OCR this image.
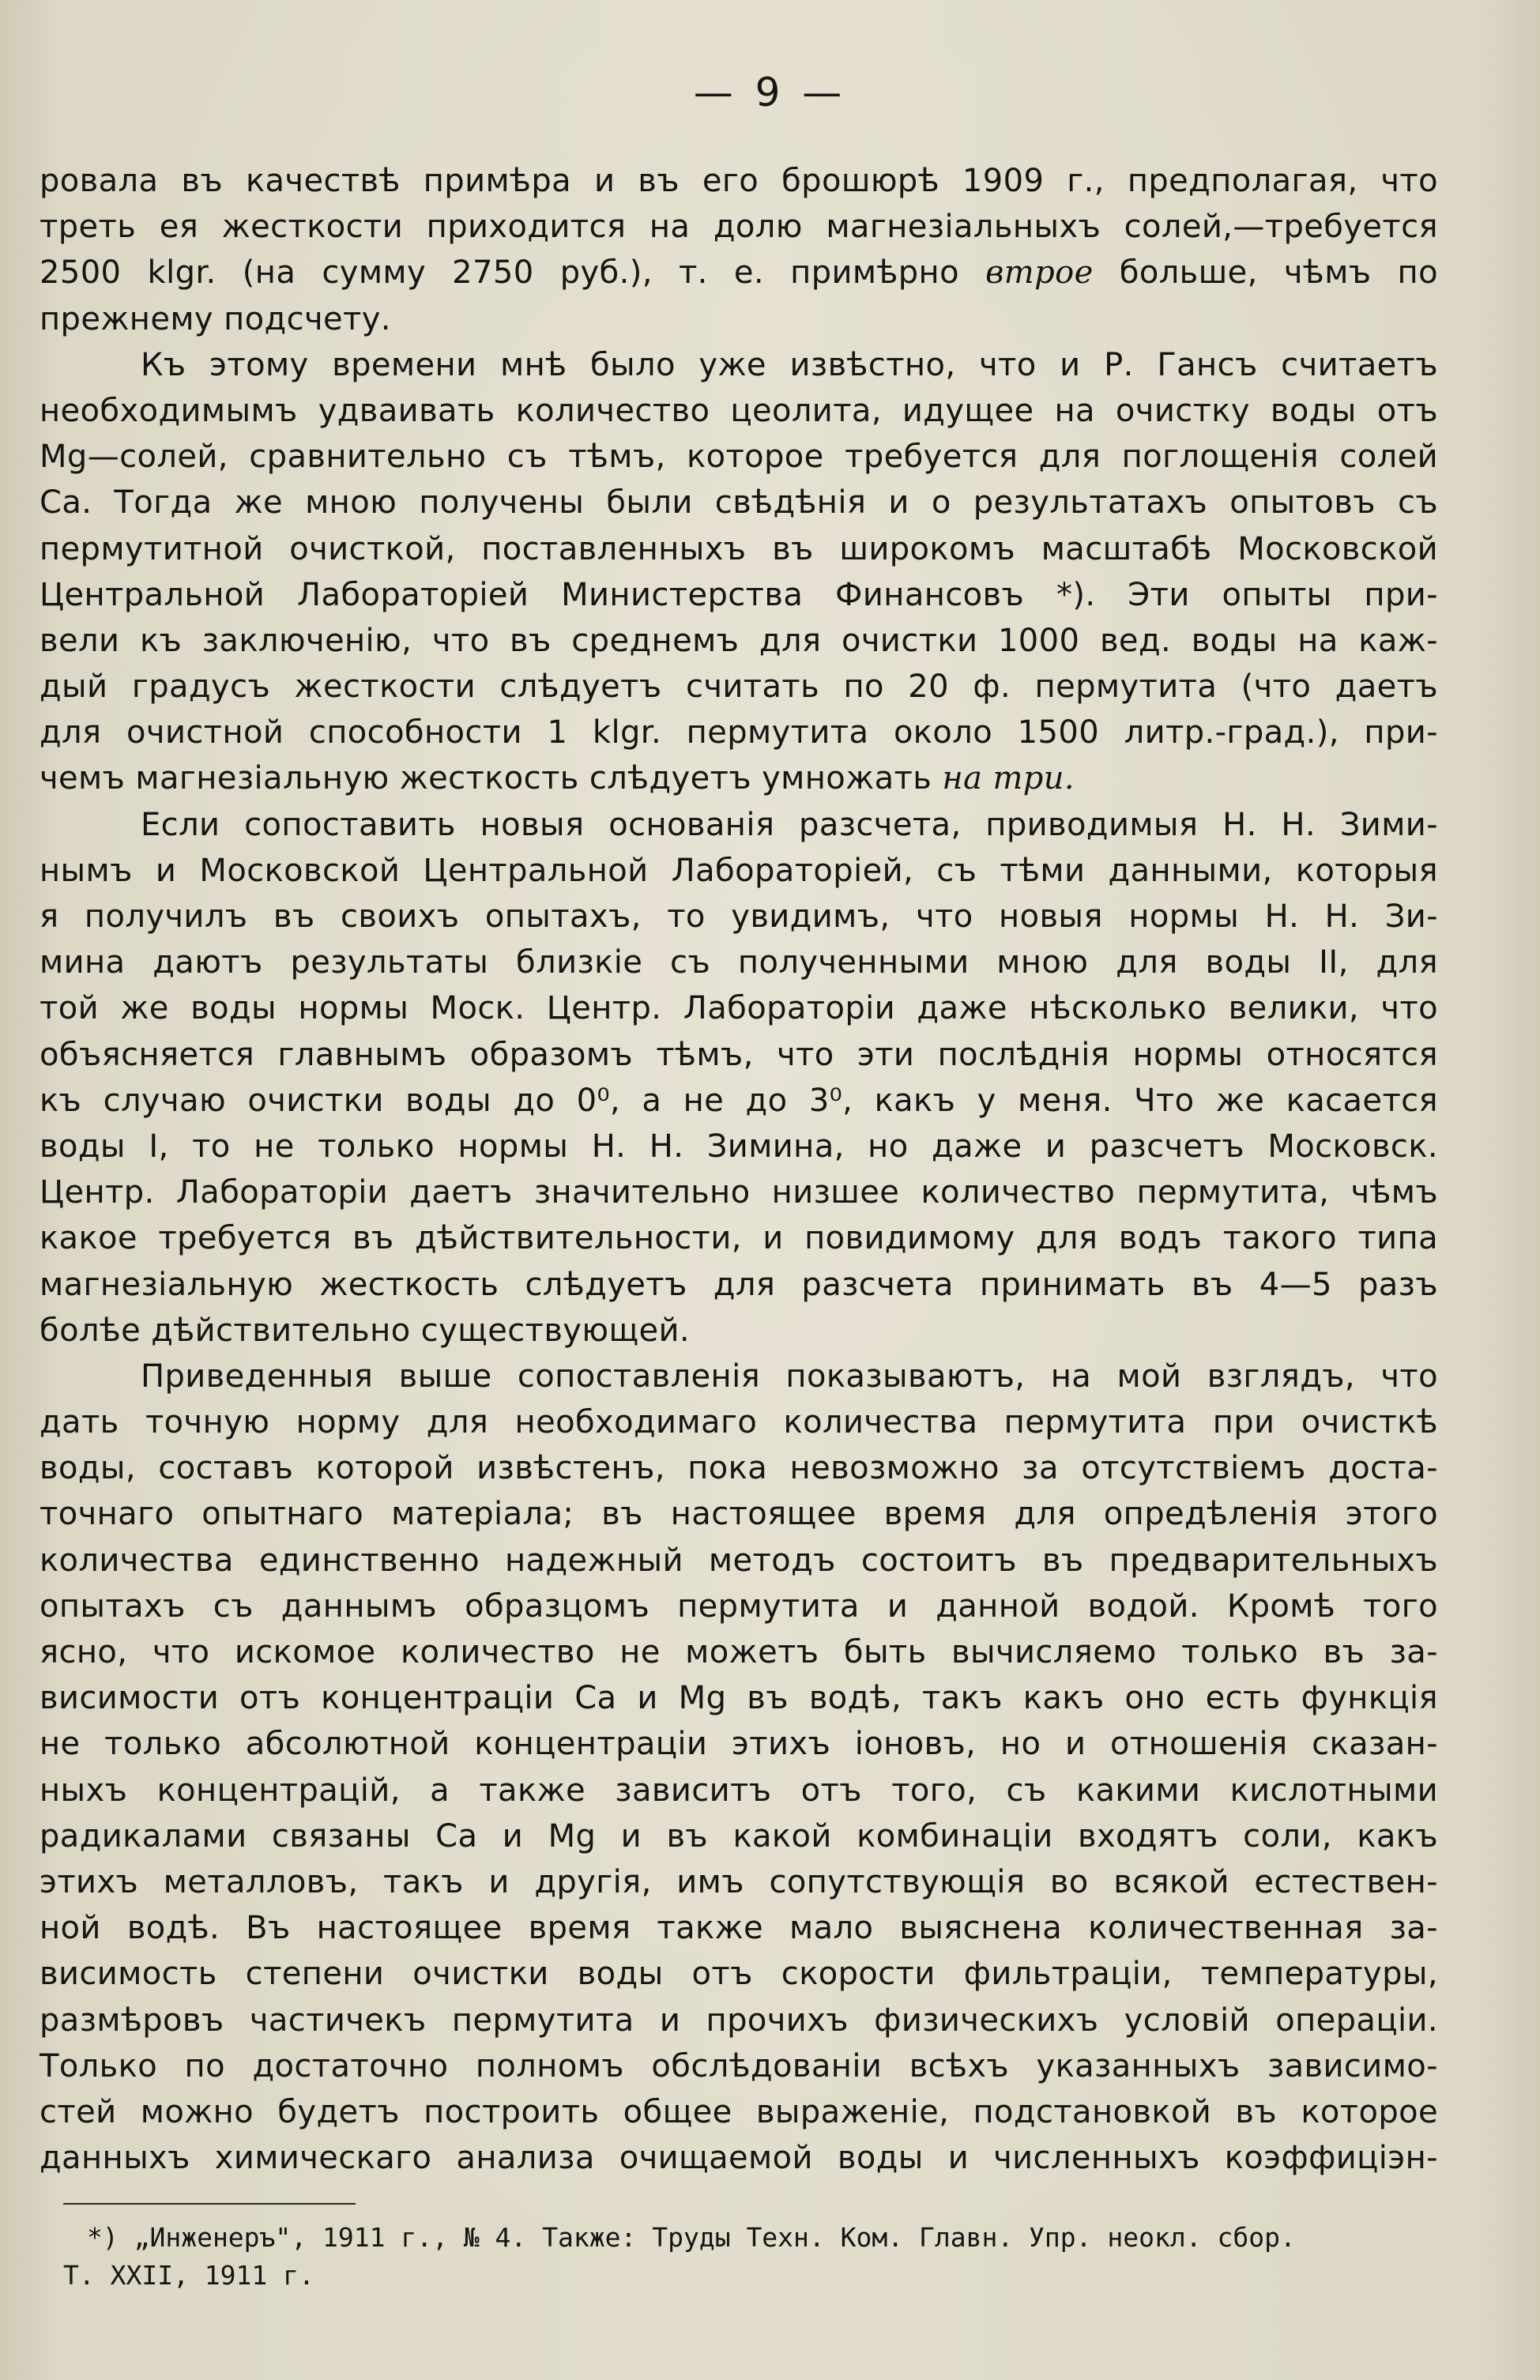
— 9 —
ровала въ качествѣ примѣра и въ его брошюрѣ 1909 г., предполагая, что
треть ея жесткости приходится на долю магнезіальныхъ солей,—требуется
2500 klgr. (на сумму 2750 руб.), т. е. примѣрно втрое больше, чѣмъ по
прежнему подсчету.
Къ этому времени мнѣ было уже извѣстно, что и Р. Гансъ считаетъ
необходимымъ удваивать количество цеолита, идущее на очистку воды отъ
Mg—солей, сравнительно съ тѣмъ, которое требуется для поглощенія солей
Са. Тогда же мною получены были свѣдѣнія и о результатахъ опытовъ съ
пермутитной очисткой, поставленныхъ въ широкомъ масштабѣ Московской
Центральной Лабораторіей Министерства Финансовъ *). Эти опыты при-
вели къ заключенію, что въ среднемъ для очистки 1000 вед. воды на каж-
дый градусъ жесткости слѣдуетъ считать по 20 ф. пермутита (что даетъ
для очистной способности 1 klgr. пермутита около 1500 литр.-град.), при-
чемъ магнезіальную жесткость слѣдуетъ умножать на три.
Если сопоставить новыя основанія разсчета, приводимыя Н. Н. Зими-
нымъ и Московской Центральной Лабораторіей, съ тѣми данными, которыя
я получилъ въ своихъ опытахъ, то увидимъ, что новыя нормы Н. Н. Зи-
мина даютъ результаты близкіе съ полученными мною для воды II, для
той же воды нормы Моск. Центр. Лабораторіи даже нѣсколько велики, что
объясняется главнымъ образомъ тѣмъ, что эти послѣднія нормы относятся
къ случаю очистки воды до 0⁰, а не до 3⁰, какъ у меня. Что же касается
воды I, то не только нормы Н. Н. Зимина, но даже и разсчетъ Московск.
Центр. Лабораторіи даетъ значительно низшее количество пермутита, чѣмъ
какое требуется въ дѣйствительности, и повидимому для водъ такого типа
магнезіальную жесткость слѣдуетъ для разсчета принимать въ 4—5 разъ
болѣе дѣйствительно существующей.
Приведенныя выше сопоставленія показываютъ, на мой взглядъ, что
дать точную норму для необходимаго количества пермутита при очисткѣ
воды, составъ которой извѣстенъ, пока невозможно за отсутствіемъ доста-
точнаго опытнаго матеріала; въ настоящее время для опредѣленія этого
количества единственно надежный методъ состоитъ въ предварительныхъ
опытахъ съ даннымъ образцомъ пермутита и данной водой. Кромѣ того
ясно, что искомое количество не можетъ быть вычисляемо только въ за-
висимости отъ концентраціи Са и Mg въ водѣ, такъ какъ оно есть функція
не только абсолютной концентраціи этихъ іоновъ, но и отношенія сказан-
ныхъ концентрацій, а также зависитъ отъ того, съ какими кислотными
радикалами связаны Са и Mg и въ какой комбинаціи входятъ соли, какъ
этихъ металловъ, такъ и другія, имъ сопутствующія во всякой естествен-
ной водѣ. Въ настоящее время также мало выяснена количественная за-
висимость степени очистки воды отъ скорости фильтраціи, температуры,
размѣровъ частичекъ пермутита и прочихъ физическихъ условій операціи.
Только по достаточно полномъ обслѣдованіи всѣхъ указанныхъ зависимо-
стей можно будетъ построить общее выраженіе, подстановкой въ которое
данныхъ химическаго анализа очищаемой воды и численныхъ коэффиціэн-
*) „Инженеръ", 1911 г., № 4. Также: Труды Техн. Ком. Главн. Упр. неокл. сбор.
Т. XXII, 1911 г.
